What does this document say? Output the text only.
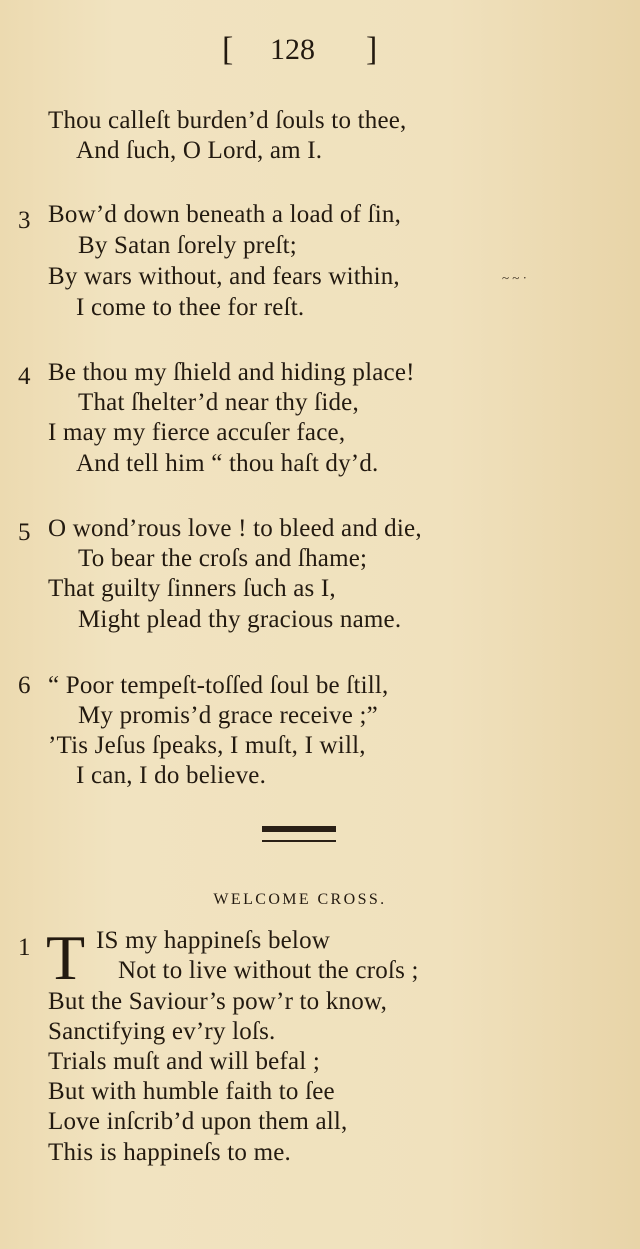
[ 128 ]
Thou calleſt burden’d ſouls to thee,
And ſuch, O Lord, am I.
3 Bow’d down beneath a load of ſin,
By Satan ſorely preſt;
By wars without, and fears within,
I come to thee for reſt.
~ ~ ·
4 Be thou my ſhield and hiding place!
That ſhelter’d near thy ſide,
I may my fierce accuſer face,
And tell him “ thou haſt dy’d.
5 O wond’rous love ! to bleed and die,
To bear the croſs and ſhame;
That guilty ſinners ſuch as I,
Might plead thy gracious name.
6 “ Poor tempeſt-toſſed ſoul be ſtill,
My promis’d grace receive ;”
’Tis Jeſus ſpeaks, I muſt, I will,
I can, I do believe.
WELCOME CROSS.
1 T IS my happineſs below
Not to live without the croſs ;
But the Saviour’s pow’r to know,
Sanctifying ev’ry loſs.
Trials muſt and will befal ;
But with humble faith to ſee
Love inſcrib’d upon them all,
This is happineſs to me.
